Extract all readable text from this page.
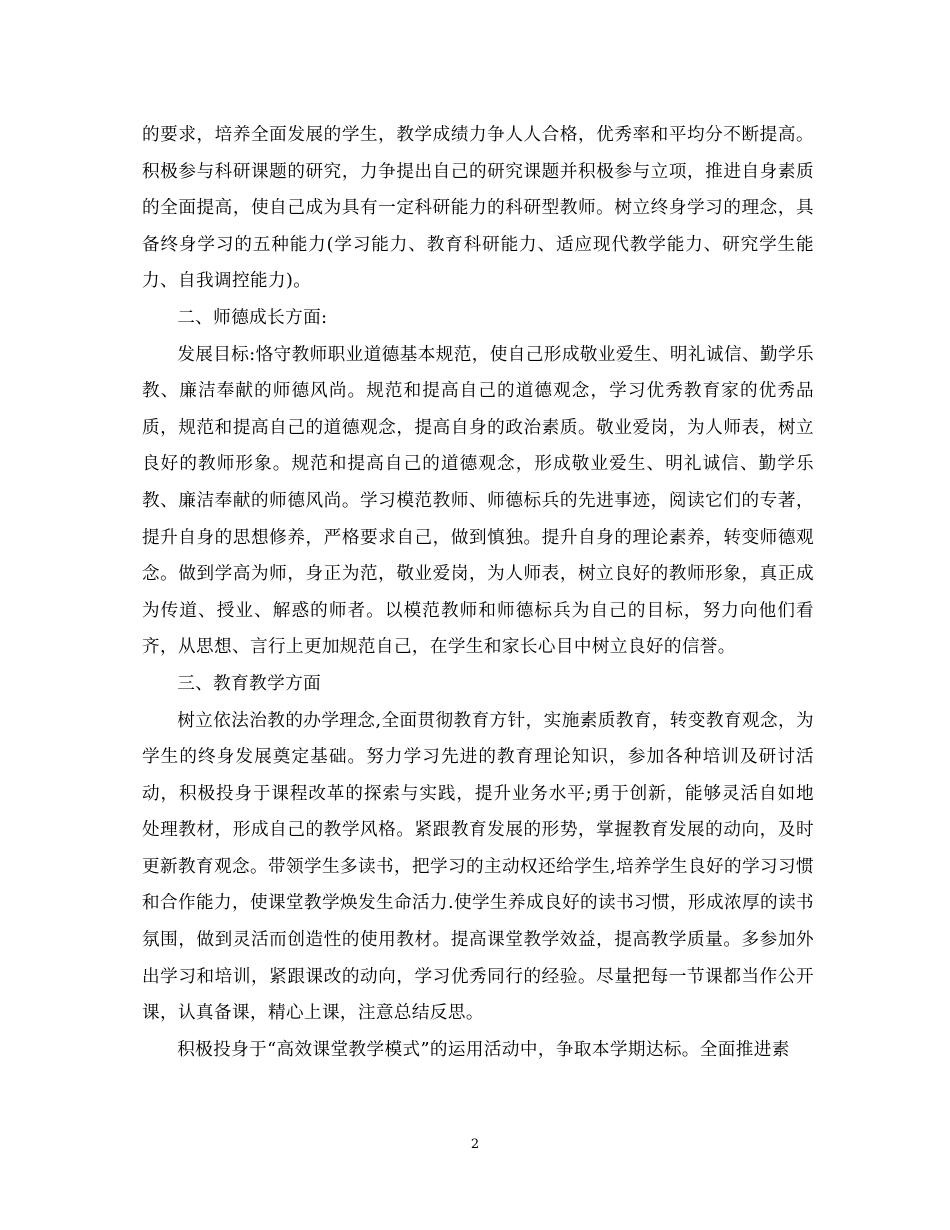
的要求，培养全面发展的学生，教学成绩力争人人合格，优秀率和平均分不断提高。积极参与科研课题的研究，力争提出自己的研究课题并积极参与立项，推进自身素质的全面提高，使自己成为具有一定科研能力的科研型教师。树立终身学习的理念，具备终身学习的五种能力(学习能力、教育科研能力、适应现代教学能力、研究学生能力、自我调控能力)。

二、师德成长方面:

发展目标:恪守教师职业道德基本规范，使自己形成敬业爱生、明礼诚信、勤学乐教、廉洁奉献的师德风尚。规范和提高自己的道德观念，学习优秀教育家的优秀品质，规范和提高自己的道德观念，提高自身的政治素质。敬业爱岗，为人师表，树立良好的教师形象。规范和提高自己的道德观念，形成敬业爱生、明礼诚信、勤学乐教、廉洁奉献的师德风尚。学习模范教师、师德标兵的先进事迹，阅读它们的专著，提升自身的思想修养，严格要求自己，做到慎独。提升自身的理论素养，转变师德观念。做到学高为师，身正为范，敬业爱岗，为人师表，树立良好的教师形象，真正成为传道、授业、解惑的师者。以模范教师和师德标兵为自己的目标，努力向他们看齐，从思想、言行上更加规范自己，在学生和家长心目中树立良好的信誉。

三、教育教学方面

树立依法治教的办学理念,全面贯彻教育方针，实施素质教育，转变教育观念，为学生的终身发展奠定基础。努力学习先进的教育理论知识，参加各种培训及研讨活动，积极投身于课程改革的探索与实践，提升业务水平;勇于创新，能够灵活自如地处理教材，形成自己的教学风格。紧跟教育发展的形势，掌握教育发展的动向，及时更新教育观念。带领学生多读书，把学习的主动权还给学生,培养学生良好的学习习惯和合作能力，使课堂教学焕发生命活力.使学生养成良好的读书习惯，形成浓厚的读书氛围，做到灵活而创造性的使用教材。提高课堂教学效益，提高教学质量。多参加外出学习和培训，紧跟课改的动向，学习优秀同行的经验。尽量把每一节课都当作公开课，认真备课，精心上课，注意总结反思。

积极投身于“高效课堂教学模式”的运用活动中，争取本学期达标。全面推进素

2
